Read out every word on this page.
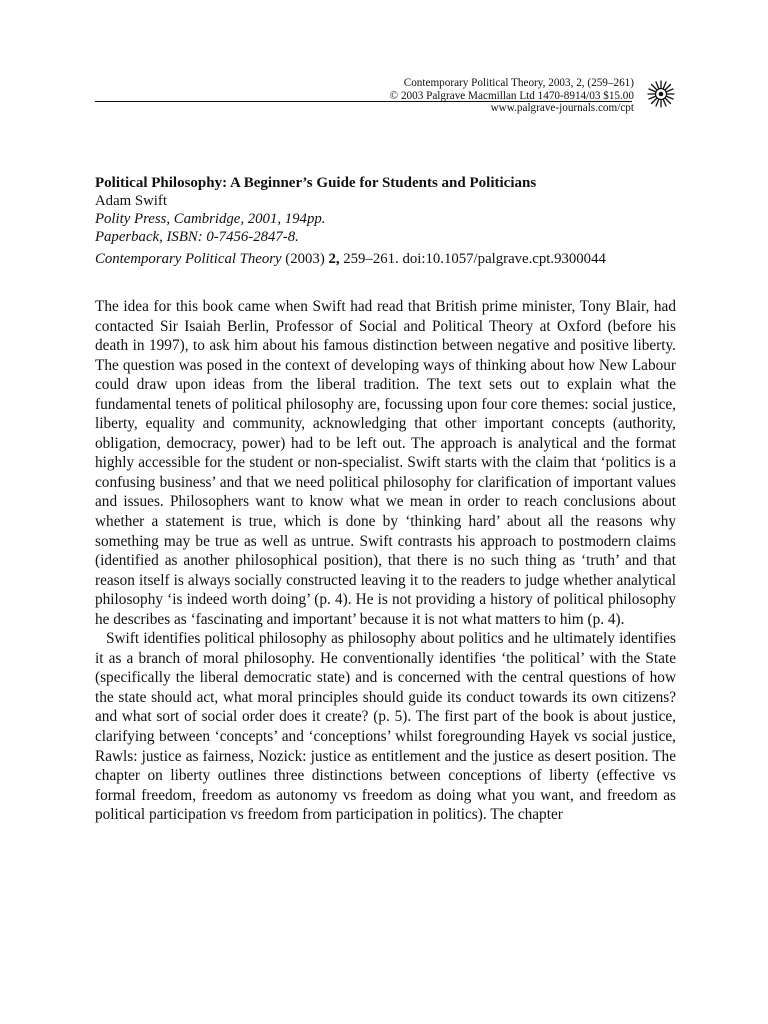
Contemporary Political Theory, 2003, 2, (259–261)
© 2003 Palgrave Macmillan Ltd 1470-8914/03 $15.00
www.palgrave-journals.com/cpt
Political Philosophy: A Beginner’s Guide for Students and Politicians
Adam Swift
Polity Press, Cambridge, 2001, 194pp.
Paperback, ISBN: 0-7456-2847-8.
Contemporary Political Theory (2003) 2, 259–261. doi:10.1057/palgrave.cpt.9300044

The idea for this book came when Swift had read that British prime minister, Tony Blair, had contacted Sir Isaiah Berlin, Professor of Social and Political Theory at Oxford (before his death in 1997), to ask him about his famous distinction between negative and positive liberty. The question was posed in the context of developing ways of thinking about how New Labour could draw upon ideas from the liberal tradition. The text sets out to explain what the fundamental tenets of political philosophy are, focussing upon four core themes: social justice, liberty, equality and community, acknowledging that other important concepts (authority, obligation, democracy, power) had to be left out. The approach is analytical and the format highly accessible for the student or non-specialist. Swift starts with the claim that ‘politics is a confusing business’ and that we need political philosophy for clarification of important values and issues. Philosophers want to know what we mean in order to reach conclusions about whether a statement is true, which is done by ‘thinking hard’ about all the reasons why something may be true as well as untrue. Swift contrasts his approach to postmodern claims (identified as another philosophical position), that there is no such thing as ‘truth’ and that reason itself is always socially constructed leaving it to the readers to judge whether analytical philosophy ‘is indeed worth doing’ (p. 4). He is not providing a history of political philosophy he describes as ‘fascinating and important’ because it is not what matters to him (p. 4).

Swift identifies political philosophy as philosophy about politics and he ultimately identifies it as a branch of moral philosophy. He conventionally identifies ‘the political’ with the State (specifically the liberal democratic state) and is concerned with the central questions of how the state should act, what moral principles should guide its conduct towards its own citizens? and what sort of social order does it create? (p. 5). The first part of the book is about justice, clarifying between ‘concepts’ and ‘conceptions’ whilst foregrounding Hayek vs social justice, Rawls: justice as fairness, Nozick: justice as entitlement and the justice as desert position. The chapter on liberty outlines three distinctions between conceptions of liberty (effective vs formal freedom, freedom as autonomy vs freedom as doing what you want, and freedom as political participation vs freedom from participation in politics). The chapter
